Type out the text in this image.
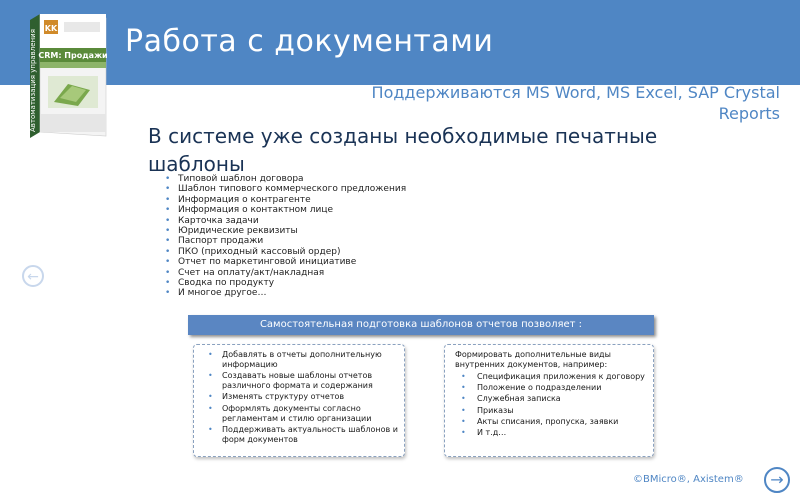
Работа с документами
KK
CRM: Продажи
Автоматизация управления	Поддерживаются MS Word, MS Excel, SAP Crystal Reports
В системе уже созданы необходимые печатные шаблоны
• Типовой шаблон договора
• Шаблон типового коммерческого предложения
• Информация о контрагенте
• Информация о контактном лице
• Карточка задачи
• Юридические реквизиты
• Паспорт продажи
• ПКО (приходный кассовый ордер)
• Отчет по маркетинговой инициативе
• Счет на оплату/акт/накладная
• Сводка по продукту
• И многое другое…
←
Самостоятельная подготовка шаблонов отчетов позволяет :
• Добавлять в отчеты дополнительную информацию
• Создавать новые шаблоны отчетов различного формата и содержания
• Изменять структуру отчетов
• Оформлять документы согласно регламентам и стилю организации
• Поддерживать актуальность шаблонов и форм документов
Формировать дополнительные виды внутренних документов, например:
• Спецификация приложения к договору
• Положение о подразделении
• Служебная записка
• Приказы
• Акты списания, пропуска, заявки
• И т.д…
©BMicro®, Axistem®	→
